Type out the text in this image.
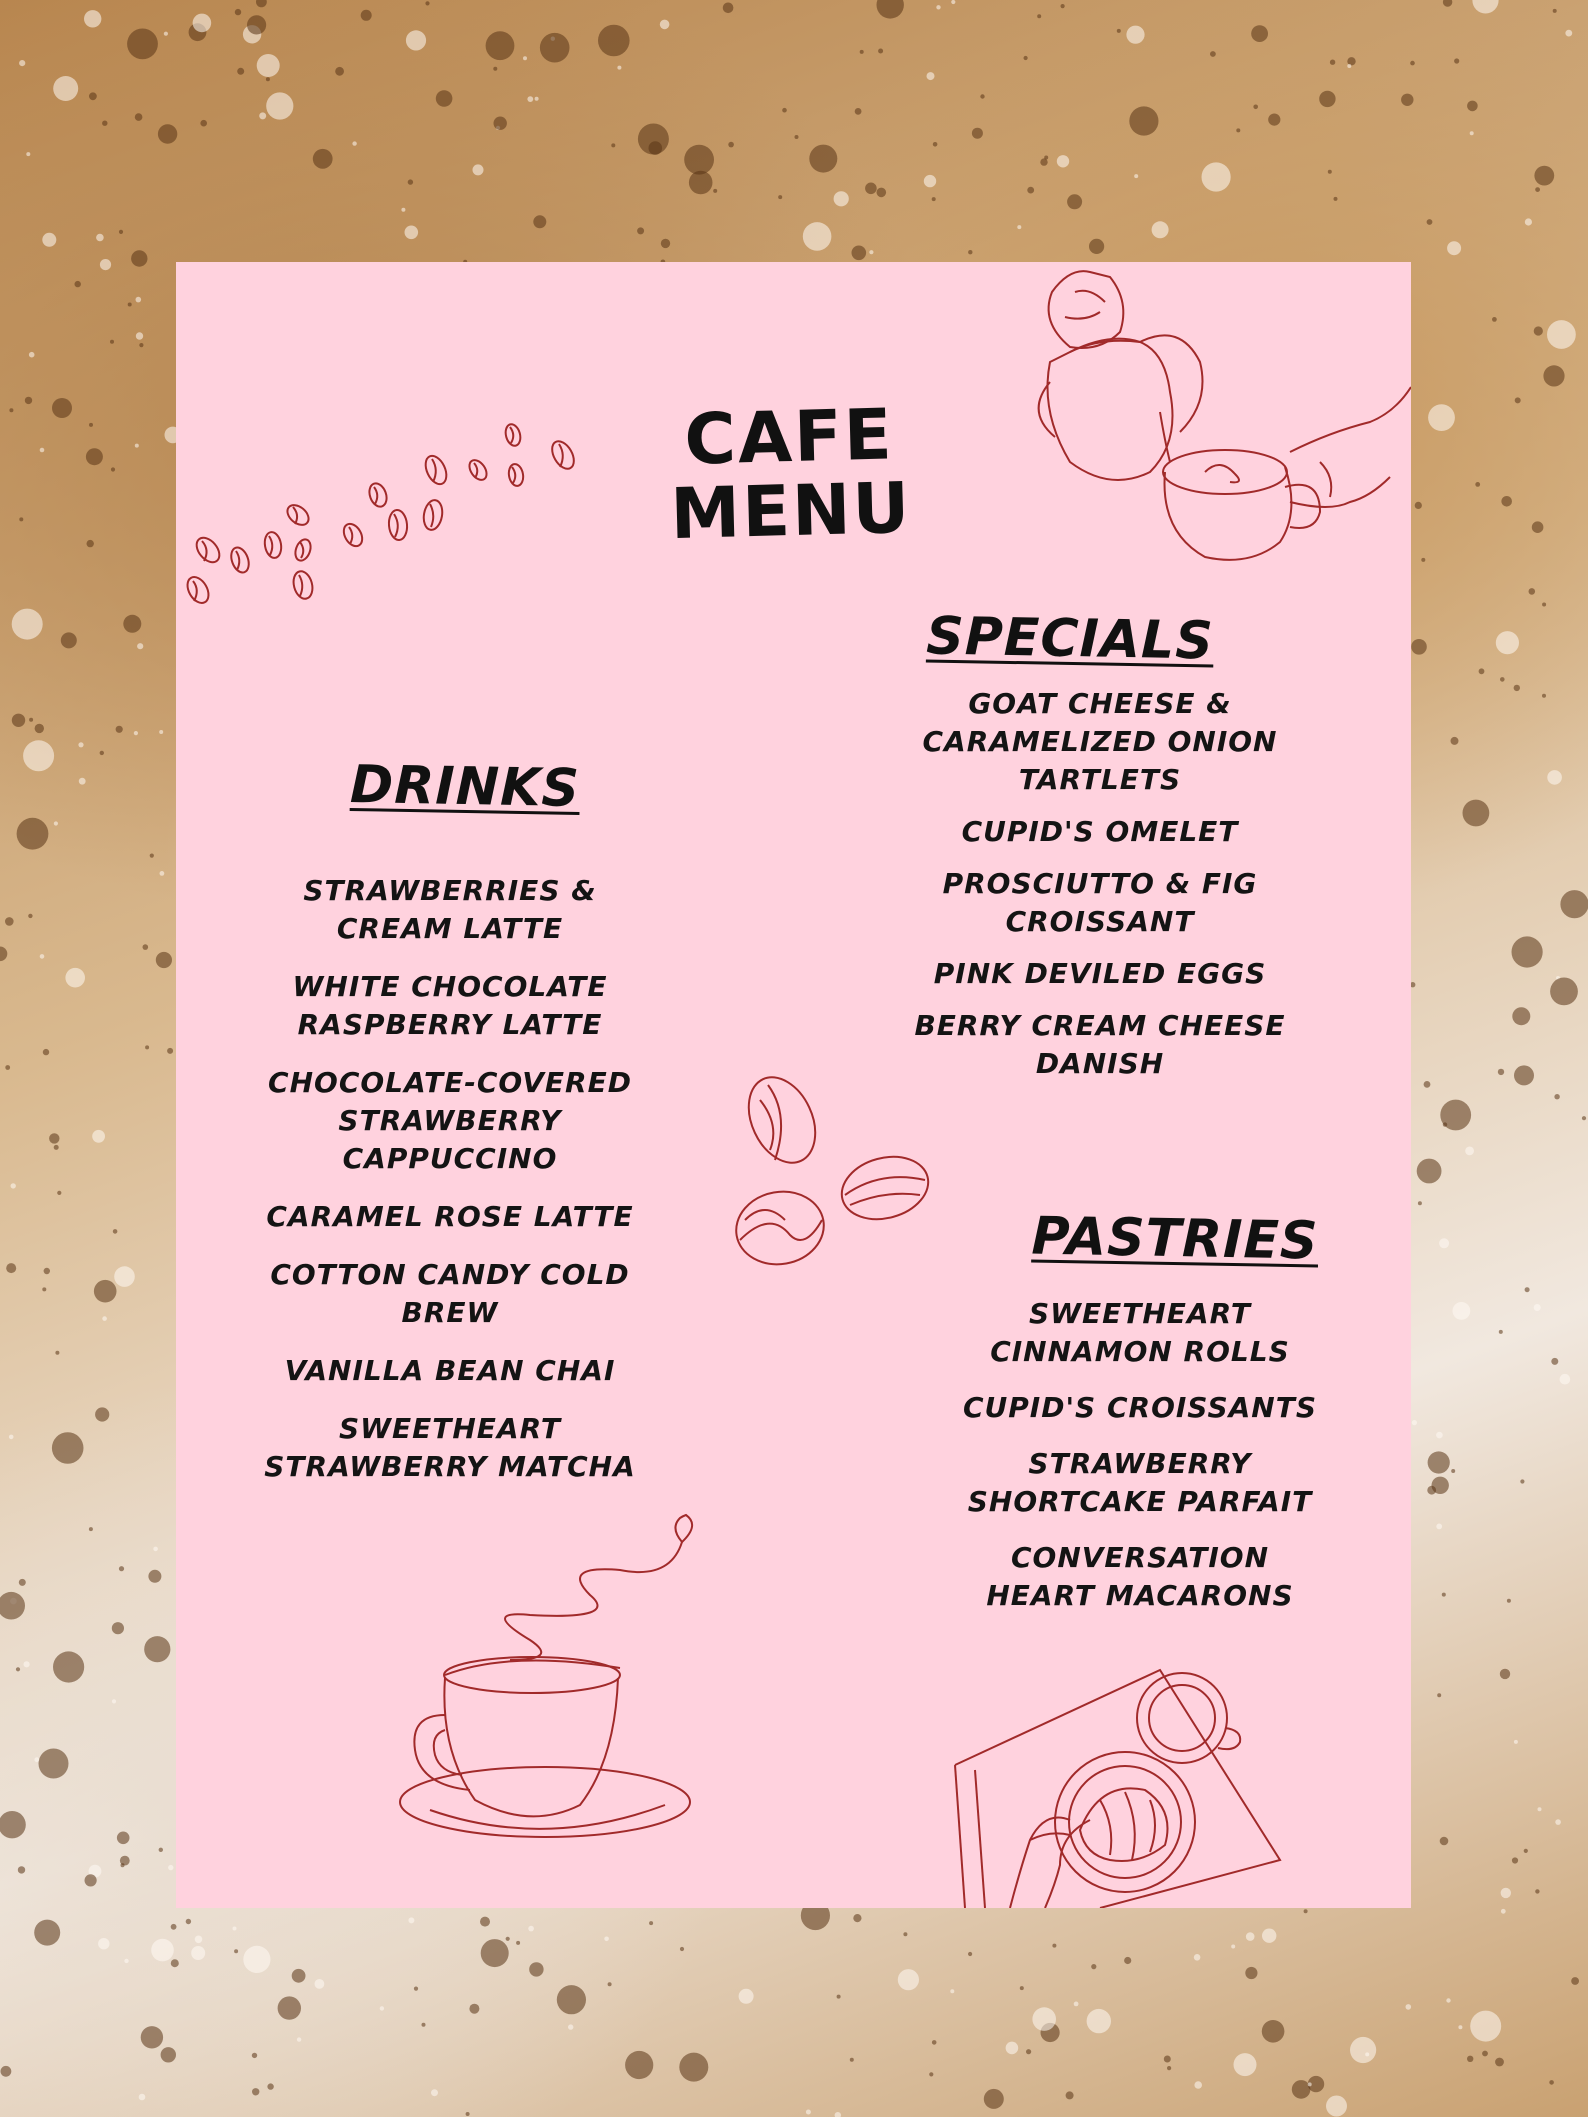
CAFE
MENU
DRINKS
STRAWBERRIES &
CREAM LATTE
WHITE CHOCOLATE
RASPBERRY LATTE
CHOCOLATE-COVERED
STRAWBERRY
CAPPUCCINO
CARAMEL ROSE LATTE
COTTON CANDY COLD
BREW
VANILLA BEAN CHAI
SWEETHEART
STRAWBERRY MATCHA
SPECIALS
GOAT CHEESE &
CARAMELIZED ONION
TARTLETS
CUPID'S OMELET
PROSCIUTTO & FIG
CROISSANT
PINK DEVILED EGGS
BERRY CREAM CHEESE
DANISH
PASTRIES
SWEETHEART
CINNAMON ROLLS
CUPID'S CROISSANTS
STRAWBERRY
SHORTCAKE PARFAIT
CONVERSATION
HEART MACARONS
